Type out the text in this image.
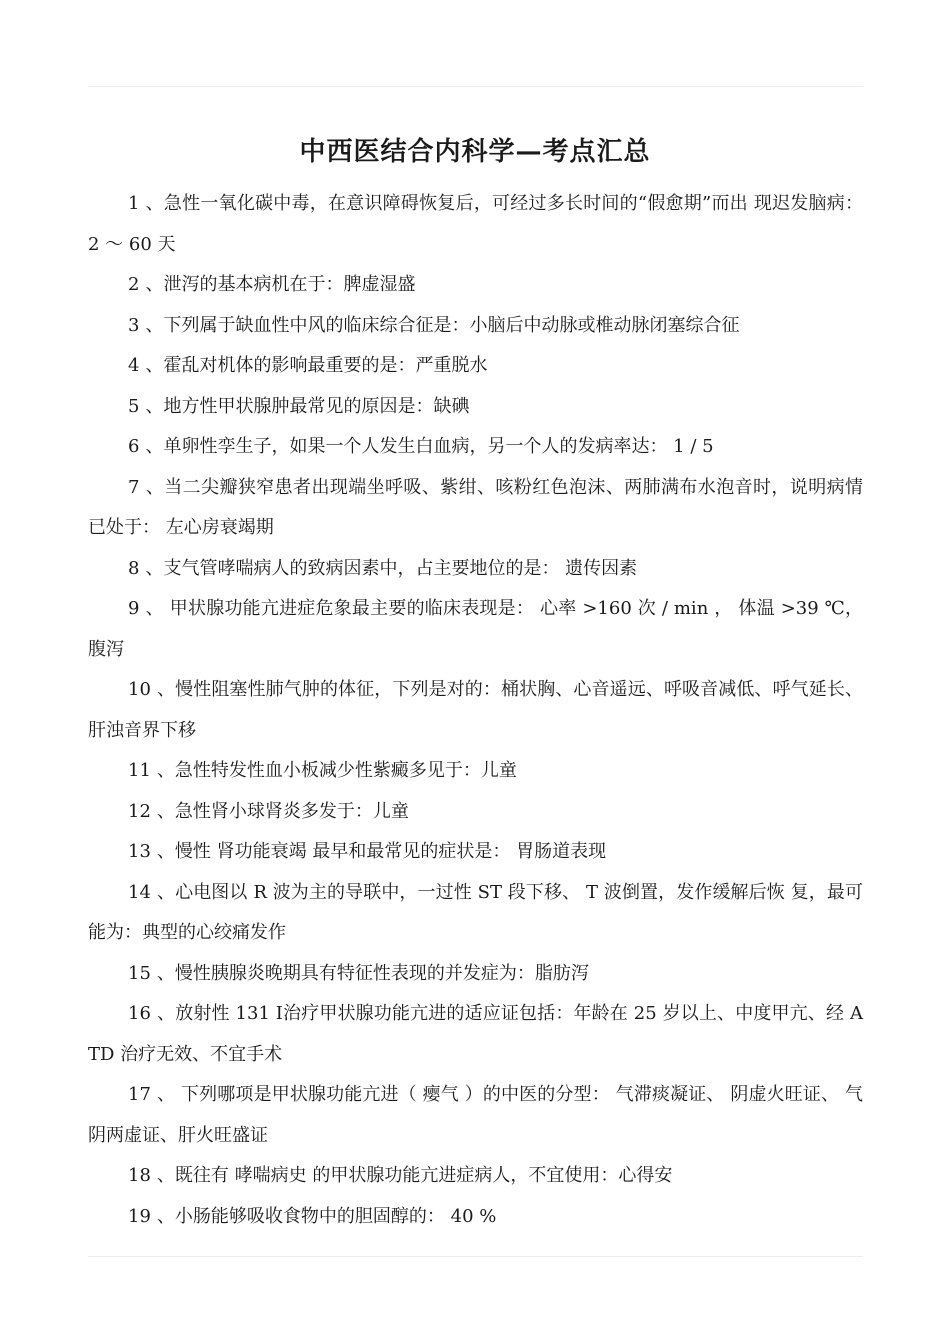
中西医结合内科学—考点汇总

1 、急性一氧化碳中毒，在意识障碍恢复后，可经过多长时间的“假愈期”而出 现迟发脑病： 2 ～ 60 天

2 、泄泻的基本病机在于：脾虚湿盛

3 、下列属于缺血性中风的临床综合征是：小脑后中动脉或椎动脉闭塞综合征

4 、霍乱对机体的影响最重要的是：严重脱水

5 、地方性甲状腺肿最常见的原因是：缺碘

6 、单卵性孪生子，如果一个人发生白血病，另一个人的发病率达： 1 / 5

7 、当二尖瓣狭窄患者出现端坐呼吸、紫绀、咳粉红色泡沫、两肺满布水泡音时，说明病情已处于： 左心房衰竭期

8 、支气管哮喘病人的致病因素中，占主要地位的是： 遗传因素

9 、 甲状腺功能亢进症危象最主要的临床表现是： 心率 >160 次 / min ， 体温 >39 ℃， 腹泻

10 、慢性阻塞性肺气肿的体征，下列是对的：桶状胸、心音遥远、呼吸音减低、呼气延长、肝浊音界下移

11 、急性特发性血小板减少性紫癜多见于：儿童

12 、急性肾小球肾炎多发于：儿童

13 、慢性 肾功能衰竭 最早和最常见的症状是： 胃肠道表现

14 、心电图以 R 波为主的导联中，一过性 ST 段下移、 T 波倒置，发作缓解后恢 复，最可能为：典型的心绞痛发作

15 、慢性胰腺炎晚期具有特征性表现的并发症为：脂肪泻

16 、放射性 131 I治疗甲状腺功能亢进的适应证包括：年龄在 25 岁以上、中度甲亢、经 ATD 治疗无效、不宜手术

17 、 下列哪项是甲状腺功能亢进（ 瘿气 ）的中医的分型： 气滞痰凝证、 阴虚火旺证、 气阴两虚证、肝火旺盛证

18 、既往有 哮喘病史 的甲状腺功能亢进症病人，不宜使用：心得安

19 、小肠能够吸收食物中的胆固醇的： 40 %
